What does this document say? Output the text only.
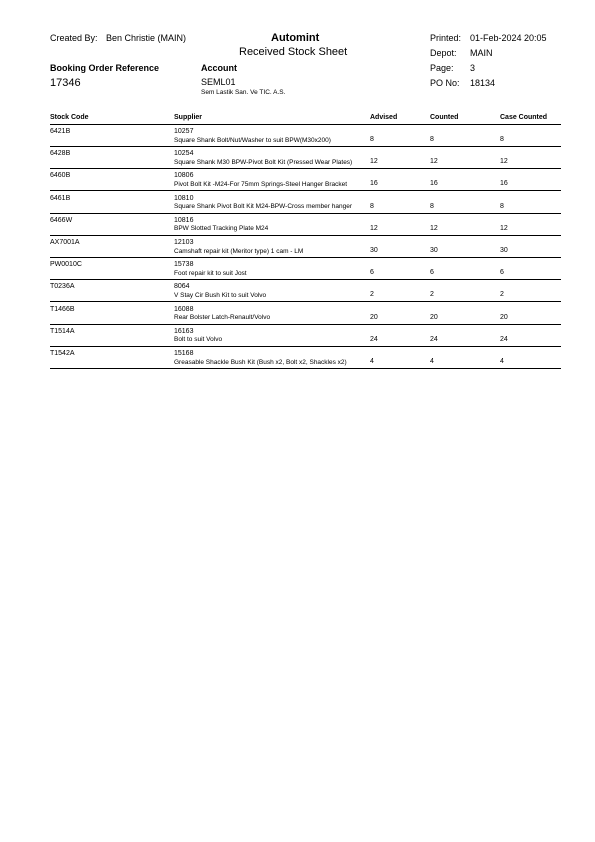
Created By: Ben Christie (MAIN)	Automint
Received Stock Sheet
Printed: 01-Feb-2024 20:05
Depot: MAIN
Page: 3
PO No: 18134
Booking Order Reference
17346
Account
SEML01
Sem Lastik San. Ve TIC. A.S.
Stock Code	Supplier	Advised	Counted	Case Counted
6421B	10257
Square Shank Bolt/Nut/Washer to suit BPW(M30x200)	8	8	8
6428B	10254
Square Shank M30 BPW-Pivot Bolt Kit (Pressed Wear Plates)	12	12	12
6460B	10806
Pivot Bolt Kit -M24-For 75mm Springs-Steel Hanger Bracket	16	16	16
6461B	10810
Square Shank Pivot Bolt Kit M24-BPW-Cross member hanger	8	8	8
6466W	10816
BPW Slotted Tracking Plate M24	12	12	12
AX7001A	12103
Camshaft repair kit (Meritor type) 1 cam - LM	30	30	30
PW0010C	15738
Foot repair kit to suit Jost	6	6	6
T0236A	8064
V Stay Cir Bush Kit to suit Volvo	2	2	2
T1466B	16088
Rear Bolster Latch-Renault/Volvo	20	20	20
T1514A	16163
Bolt to suit Volvo	24	24	24
T1542A	15168
Greasable Shackle Bush Kit (Bush x2, Bolt x2, Shackles x2)	4	4	4
